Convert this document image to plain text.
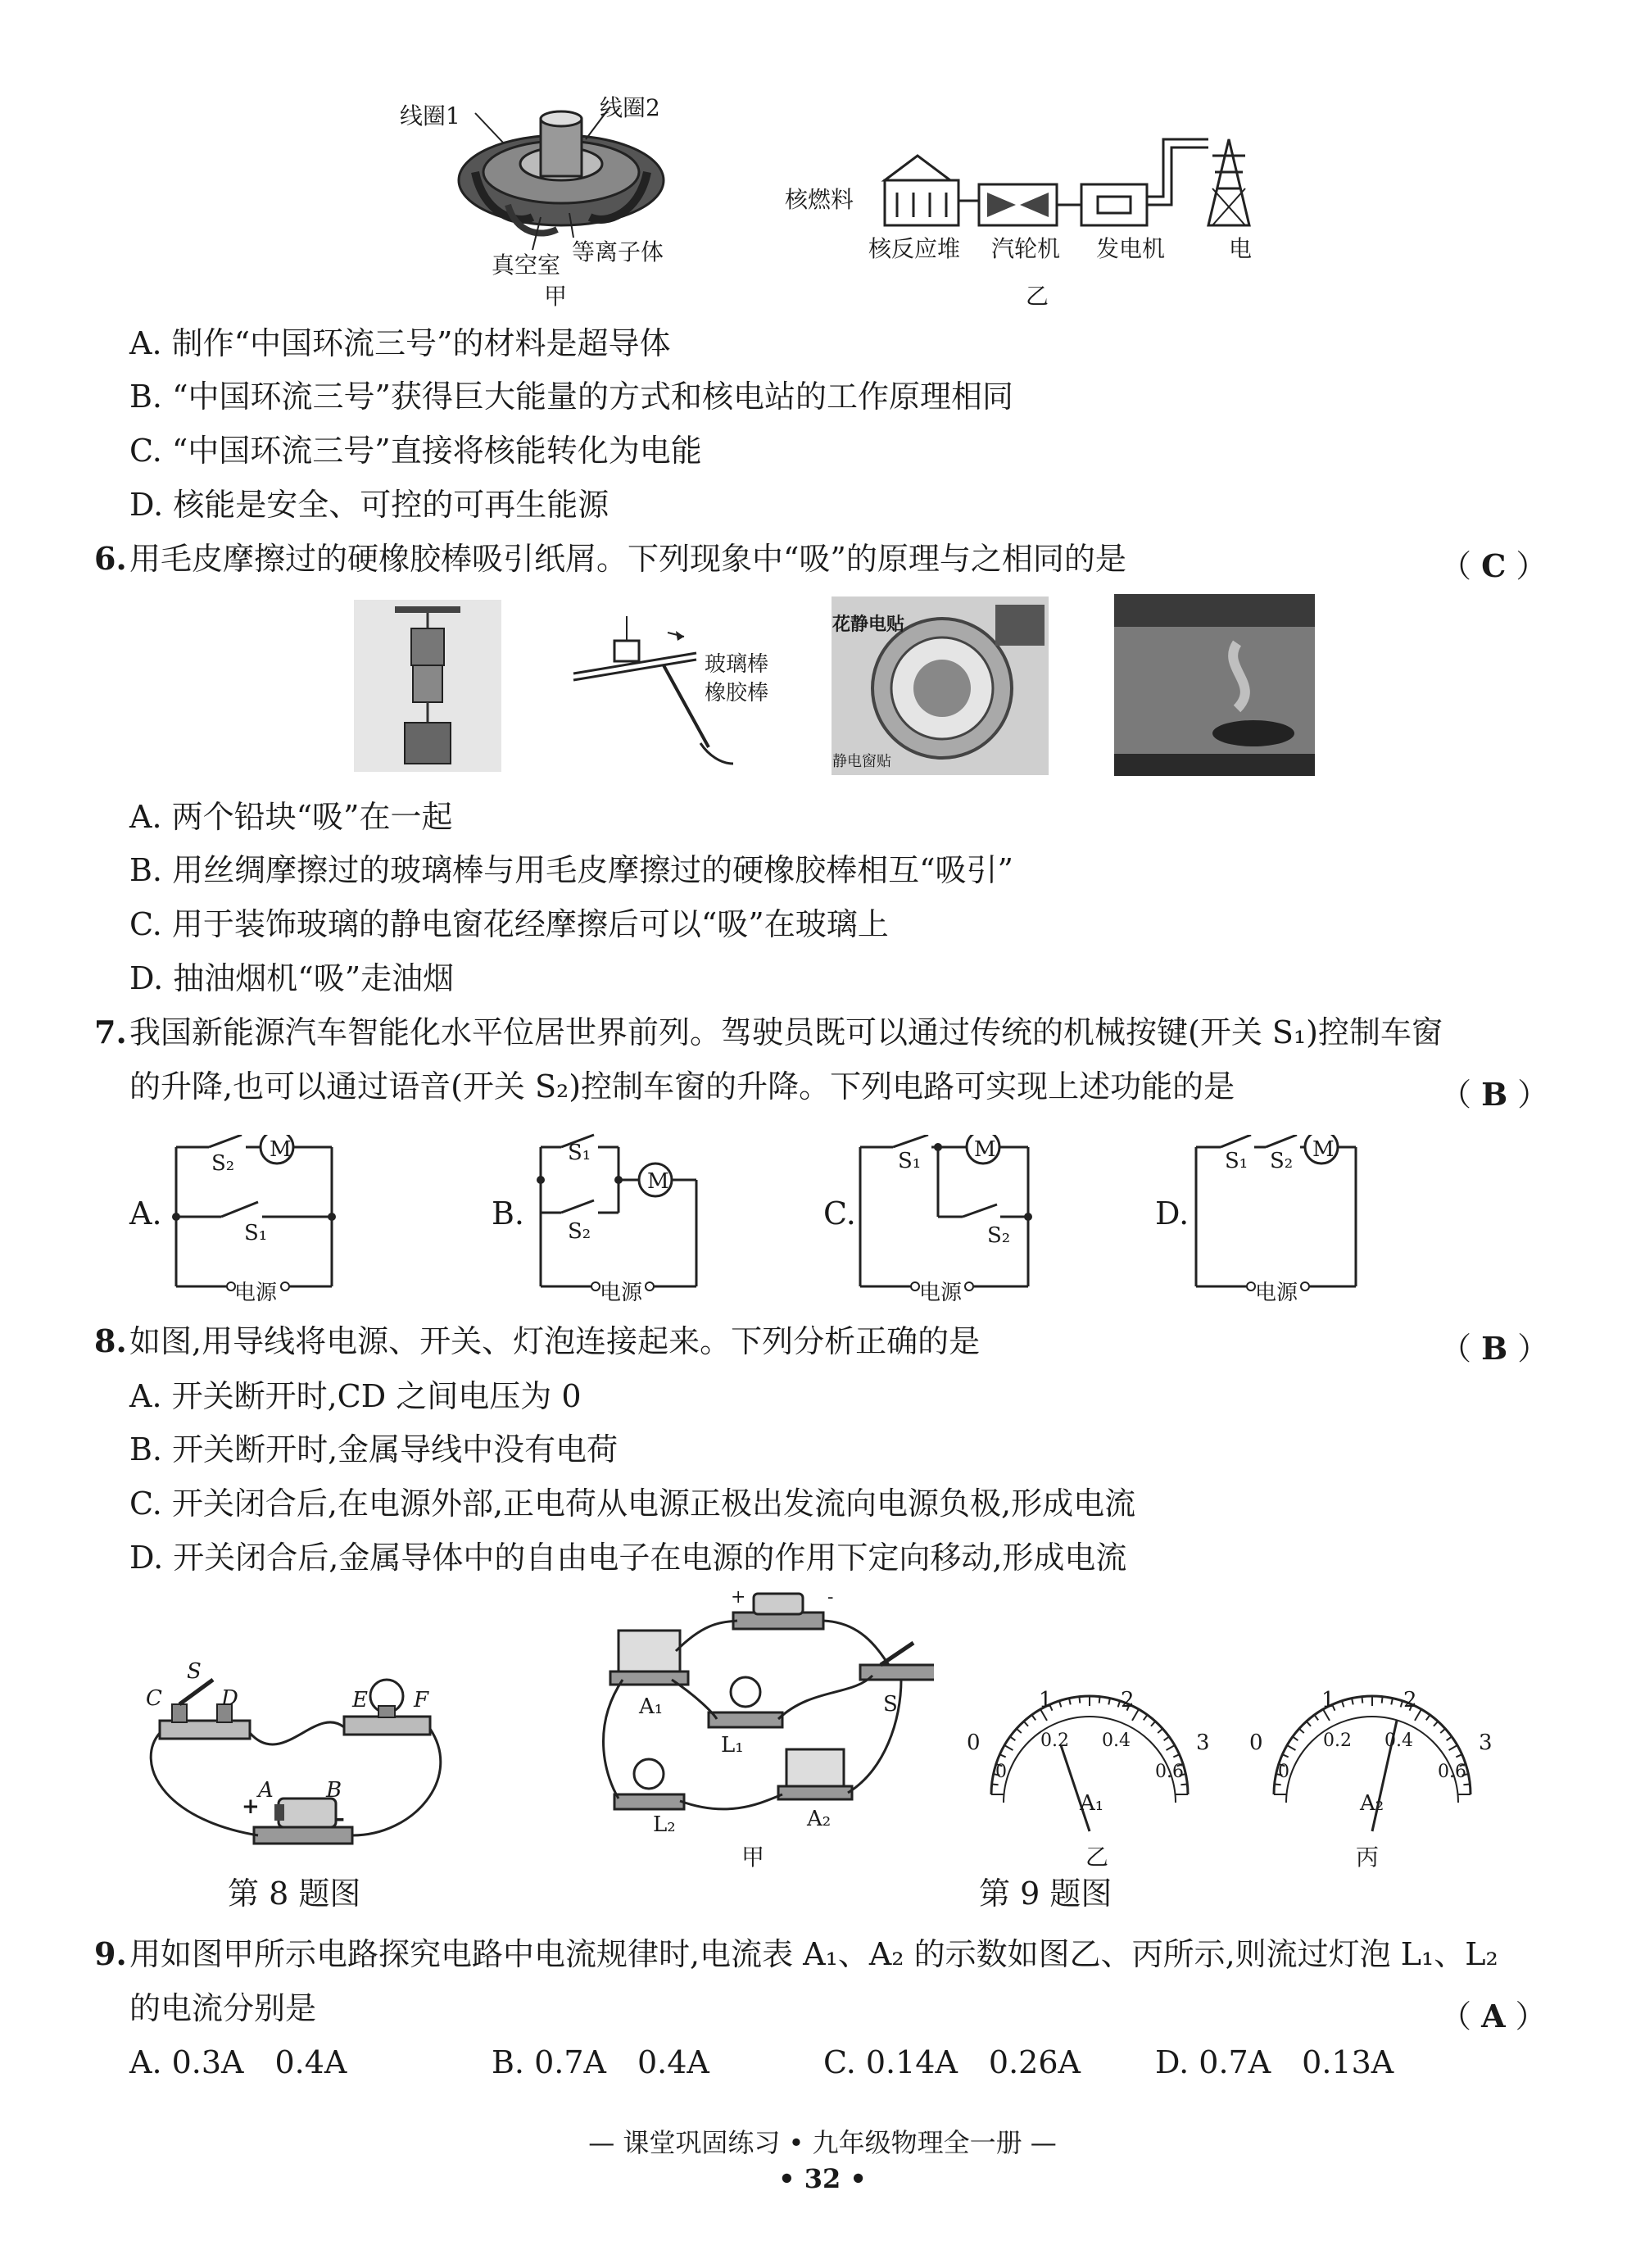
线圈1	线圈2
真空室 等离子体
甲
核燃料
核反应堆 汽轮机 发电机	电
乙
A. 制作“中国环流三号”的材料是超导体
B. “中国环流三号”获得巨大能量的方式和核电站的工作原理相同
C. “中国环流三号”直接将核能转化为电能
D. 核能是安全、可控的可再生能源
6. 用毛皮摩擦过的硬橡胶棒吸引纸屑。下列现象中“吸”的原理与之相同的是	（ C ）
玻璃棒
橡胶棒
花静电贴
静电窗贴
A. 两个铅块“吸”在一起
B. 用丝绸摩擦过的玻璃棒与用毛皮摩擦过的硬橡胶棒相互“吸引”
C. 用于装饰玻璃的静电窗花经摩擦后可以“吸”在玻璃上
D. 抽油烟机“吸”走油烟
7. 我国新能源汽车智能化水平位居世界前列。驾驶员既可以通过传统的机械按键(开关 S₁)控制车窗
的升降,也可以通过语音(开关 S₂)控制车窗的升降。下列电路可实现上述功能的是	（ B ）
A.
M
S₂
S₁
电源
B.
S₁
S₂
M
电源
C.
S₁ M
S₂
电源
D.
S₁ S₂ M
电源
8. 如图,用导线将电源、开关、灯泡连接起来。下列分析正确的是	（ B ）
A. 开关断开时,CD 之间电压为 0
B. 开关断开时,金属导线中没有电荷
C. 开关闭合后,在电源外部,正电荷从电源正极出发流向电源负极,形成电流
D. 开关闭合后,金属导体中的自由电子在电源的作用下定向移动,形成电流
S
C	D	E F
A B
+	-
第 8 题图
+	-
A₁	S
L₁
L₂	A₂
甲
0
1	2
3
0
0.2 0.4
0.6
A₁
乙
0
1	2
3
0
0.2 0.4
0.6
A₂
丙
第 9 题图
9. 用如图甲所示电路探究电路中电流规律时,电流表 A₁、A₂ 的示数如图乙、丙所示,则流过灯泡 L₁、L₂
的电流分别是	（ A ）
A. 0.3A　0.4A	B. 0.7A　0.4A	C. 0.14A　0.26A D. 0.7A　0.13A
— 课堂巩固练习 • 九年级物理全一册 —
• 32 •
